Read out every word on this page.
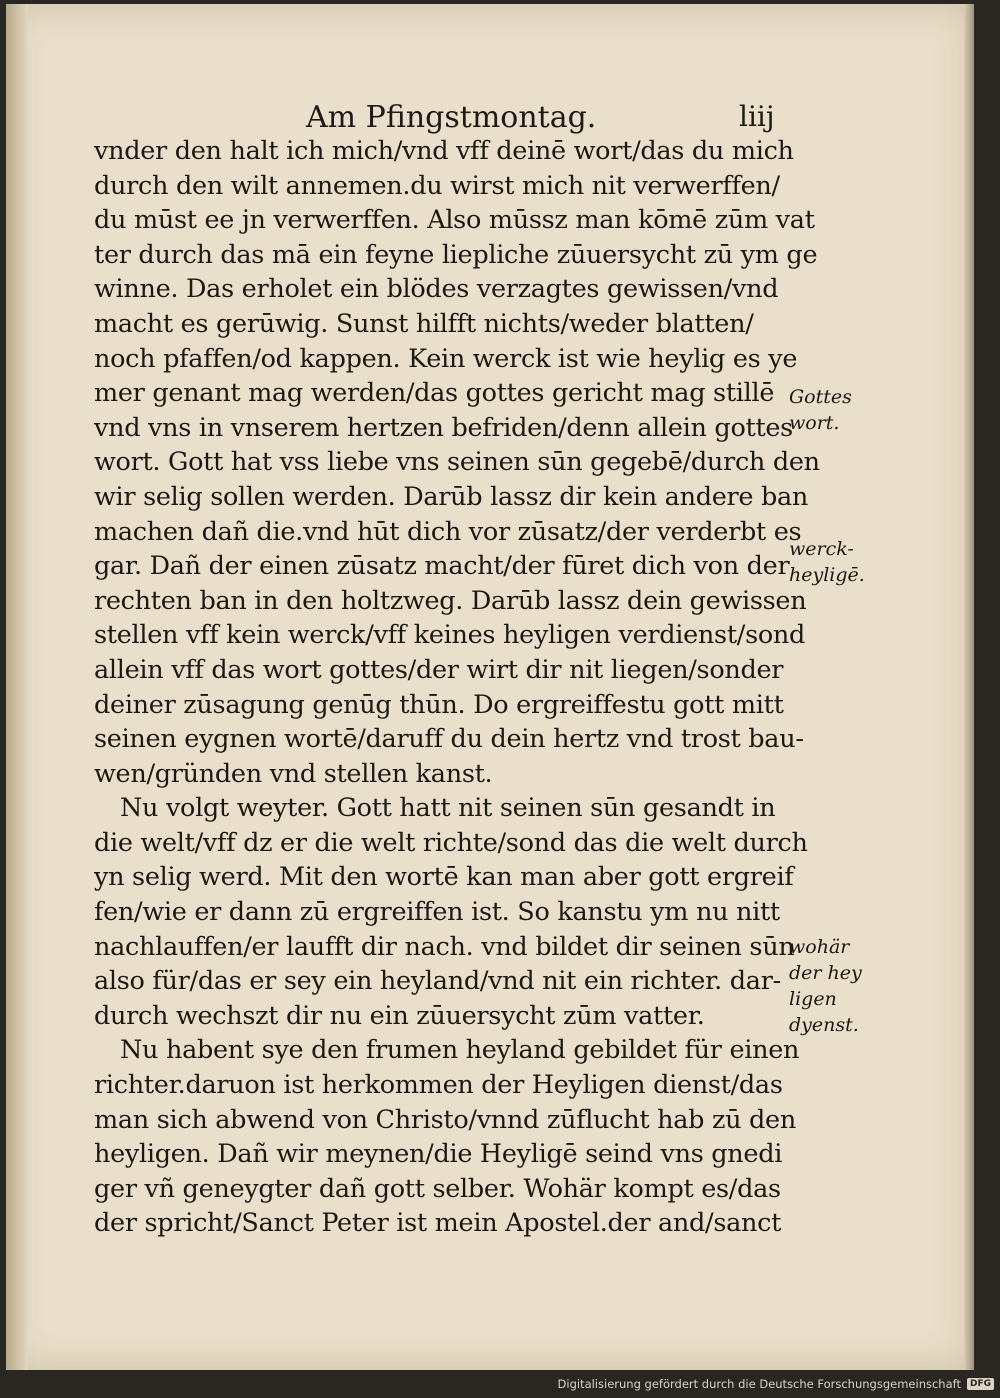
Am Pfingstmontag.	liij
vnder den halt ich mich/vnd vff deinē wort/das du mich
durch den wilt annemen.du wirst mich nit verwerffen/
du mūst ee jn verwerffen. Also mūssz man kōmē zūm vat
ter durch das mā ein feyne liepliche zūuersycht zū ym ge
winne. Das erholet ein blödes verzagtes gewissen/vnd
macht es gerūwig. Sunst hilfft nichts/weder blatten/
noch pfaffen/od kappen. Kein werck ist wie heylig es ye
mer genant mag werden/das gottes gericht mag stillē
vnd vns in vnserem hertzen befriden/denn allein gottes
wort. Gott hat vss liebe vns seinen sūn gegebē/durch den
wir selig sollen werden. Darūb lassz dir kein andere ban
machen dañ die.vnd hūt dich vor zūsatz/der verderbt es
gar. Dañ der einen zūsatz macht/der fūret dich von der
rechten ban in den holtzweg. Darūb lassz dein gewissen
stellen vff kein werck/vff keines heyligen verdienst/sond
allein vff das wort gottes/der wirt dir nit liegen/sonder
deiner zūsagung genūg thūn. Do ergreiffestu gott mitt
seinen eygnen wortē/daruff du dein hertz vnd trost bau-
wen/gründen vnd stellen kanst.
Nu volgt weyter. Gott hatt nit seinen sūn gesandt in
die welt/vff dz er die welt richte/sond das die welt durch
yn selig werd. Mit den wortē kan man aber gott ergreif
fen/wie er dann zū ergreiffen ist. So kanstu ym nu nitt
nachlauffen/er laufft dir nach. vnd bildet dir seinen sūn
also für/das er sey ein heyland/vnd nit ein richter. dar-
durch wechszt dir nu ein zūuersycht zūm vatter.
Nu habent sye den frumen heyland gebildet für einen
richter.daruon ist herkommen der Heyligen dienst/das
man sich abwend von Christo/vnnd zūflucht hab zū den
heyligen. Dañ wir meynen/die Heyligē seind vns gnedi
ger vñ geneygter dañ gott selber. Wohär kompt es/das
der spricht/Sanct Peter ist mein Apostel.der and/sanct
Gottes
wort.
werck-
heyligē.
wohär
der hey
ligen
dyenst.
Digitalisierung gefördert durch die Deutsche Forschungsgemeinschaft	DFG
